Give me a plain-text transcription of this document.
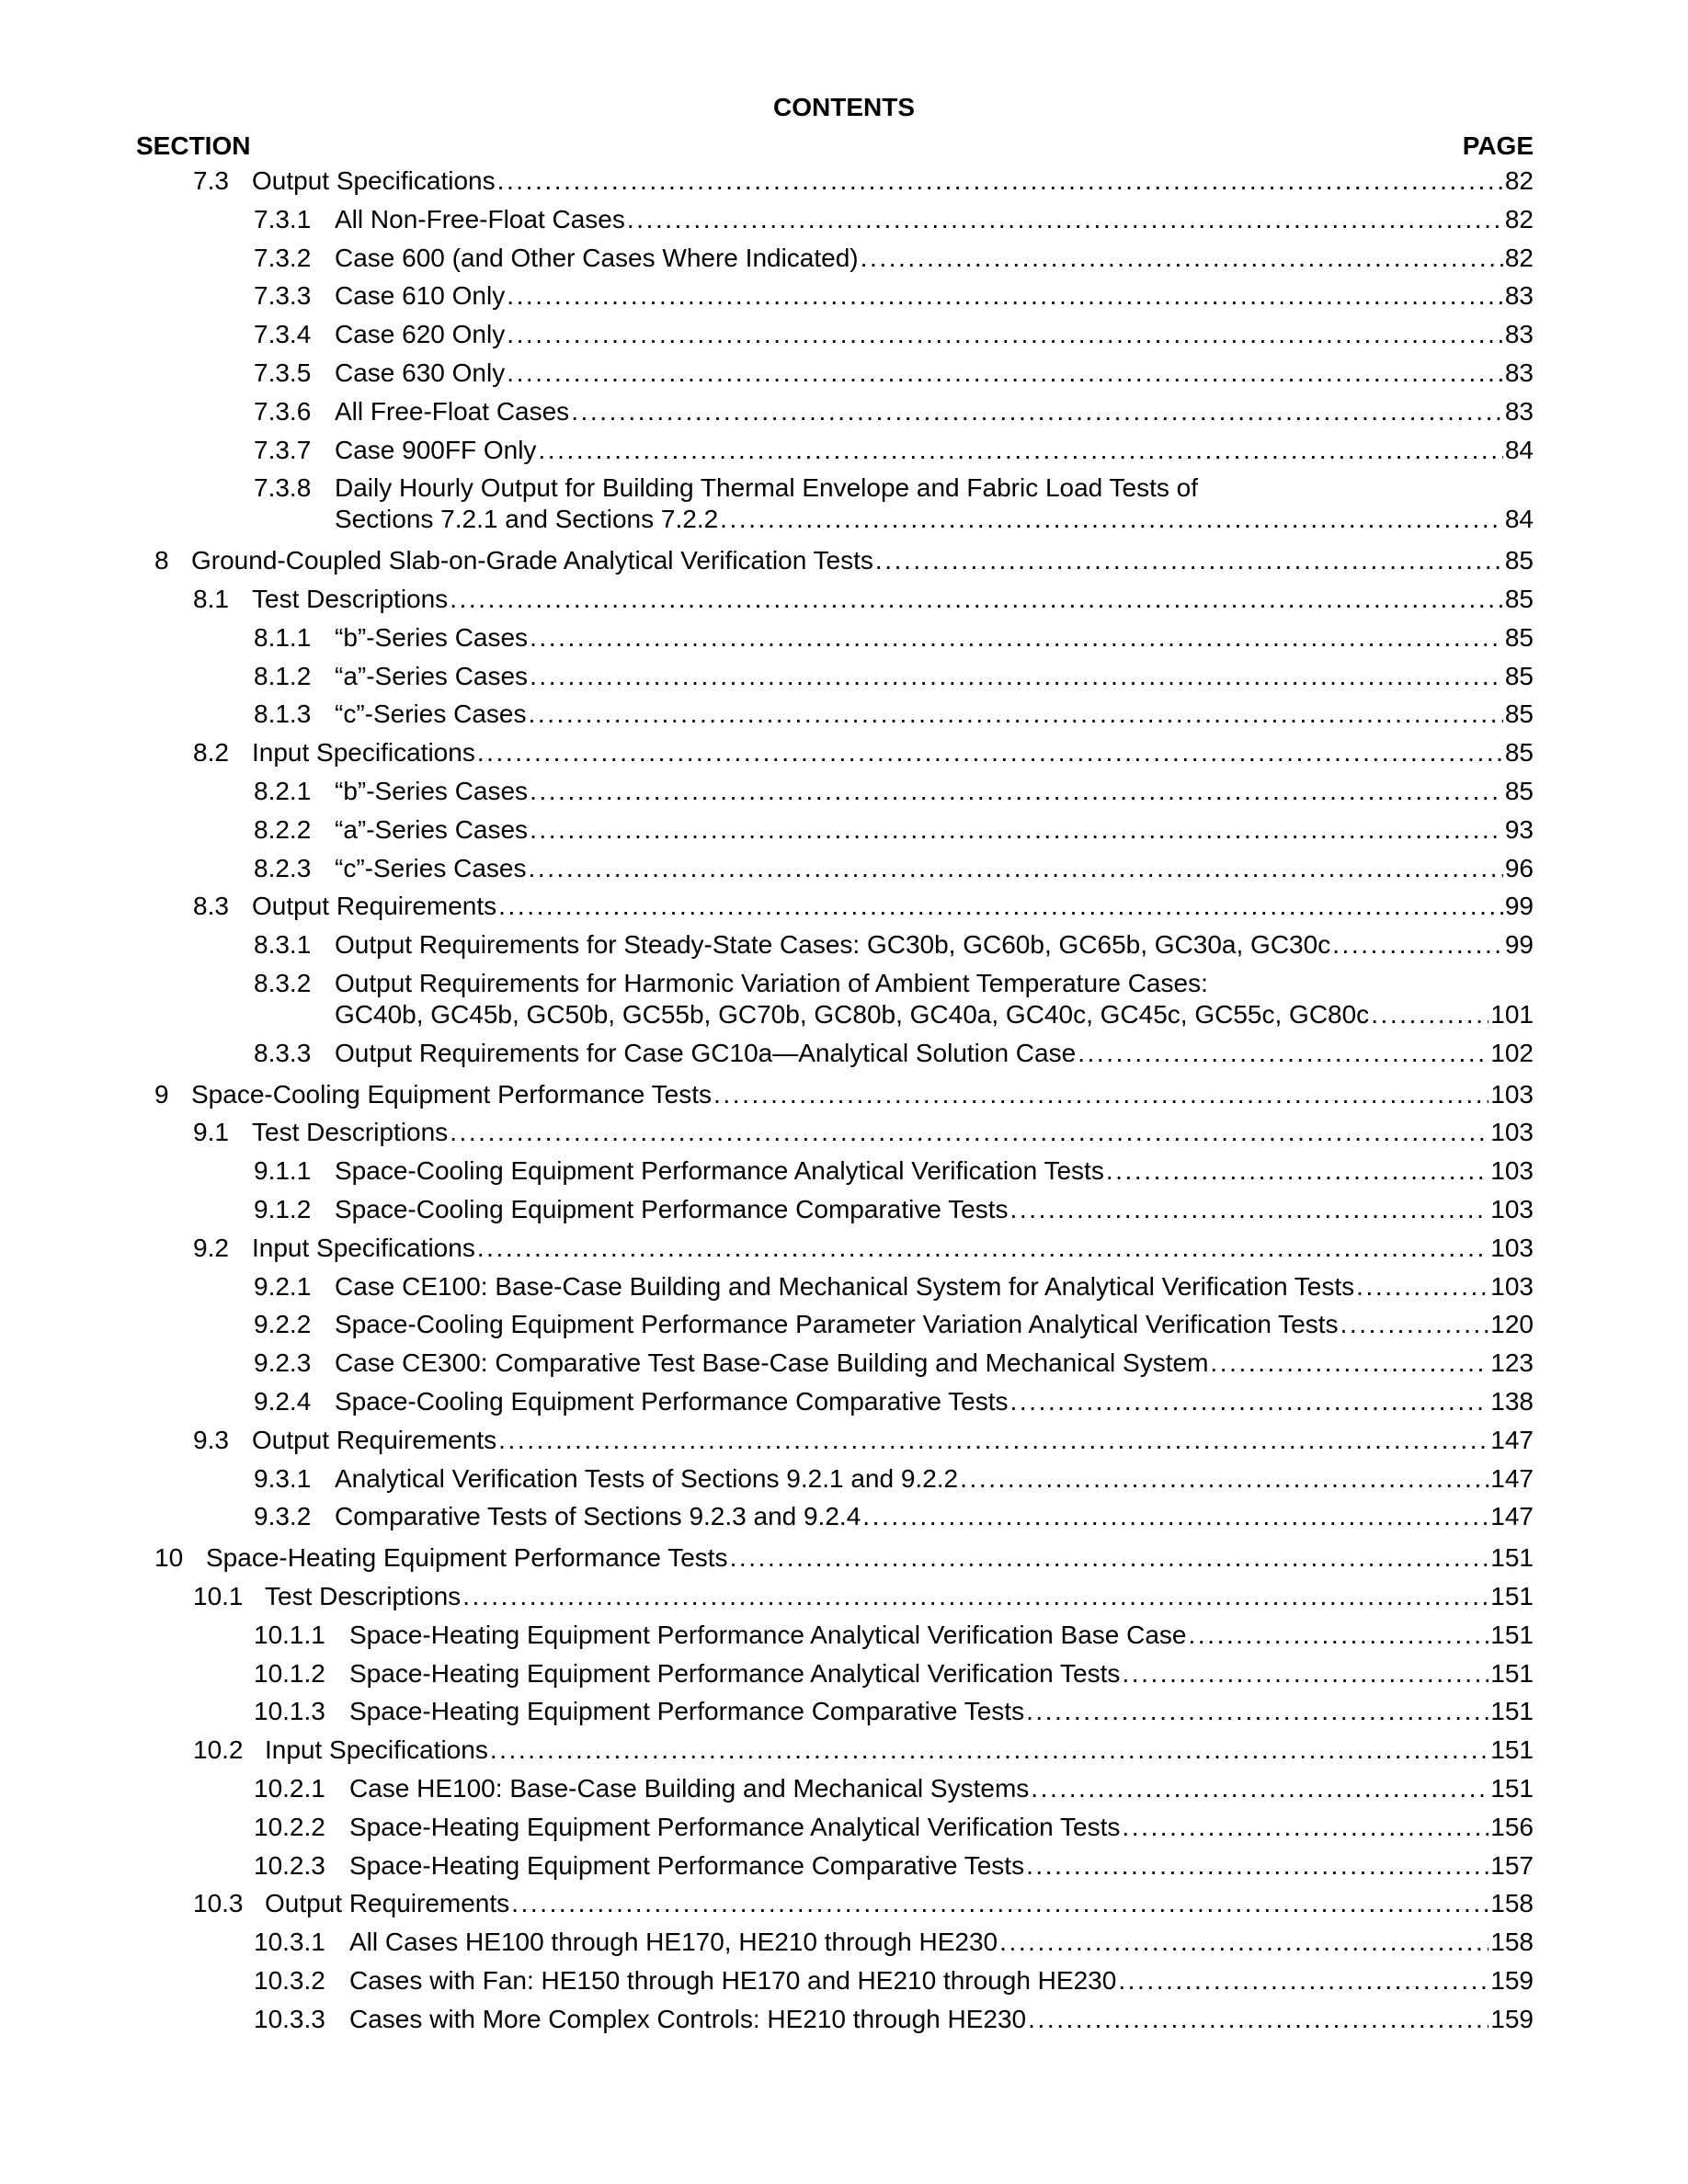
CONTENTS
SECTION	PAGE
7.3 Output Specifications . . .	82
7.3.1 All Non-Free-Float Cases . . .	82
7.3.2 Case 600 (and Other Cases Where Indicated) . . .	82
7.3.3 Case 610 Only . . .	83
7.3.4 Case 620 Only . . .	83
7.3.5 Case 630 Only . . .	83
7.3.6 All Free-Float Cases . . .	83
7.3.7 Case 900FF Only . . .	84
7.3.8 Daily Hourly Output for Building Thermal Envelope and Fabric Load Tests of
Sections 7.2.1 and Sections 7.2.2 . . .	84
8 Ground-Coupled Slab-on-Grade Analytical Verification Tests . . .	85
8.1 Test Descriptions . . .	85
8.1.1 “b”-Series Cases . . .	85
8.1.2 “a”-Series Cases . . .	85
8.1.3 “c”-Series Cases . . .	85
8.2 Input Specifications . . .	85
8.2.1 “b”-Series Cases . . .	85
8.2.2 “a”-Series Cases . . .	93
8.2.3 “c”-Series Cases . . .	96
8.3 Output Requirements . . .	99
8.3.1 Output Requirements for Steady-State Cases: GC30b, GC60b, GC65b, GC30a, GC30c . . .	99
8.3.2 Output Requirements for Harmonic Variation of Ambient Temperature Cases:
GC40b, GC45b, GC50b, GC55b, GC70b, GC80b, GC40a, GC40c, GC45c, GC55c, GC80c . . .	101
8.3.3 Output Requirements for Case GC10a—Analytical Solution Case . . .	102
9 Space-Cooling Equipment Performance Tests . . .	103
9.1 Test Descriptions . . .	103
9.1.1 Space-Cooling Equipment Performance Analytical Verification Tests . . .	103
9.1.2 Space-Cooling Equipment Performance Comparative Tests . . .	103
9.2 Input Specifications . . .	103
9.2.1 Case CE100: Base-Case Building and Mechanical System for Analytical Verification Tests . . .	103
9.2.2 Space-Cooling Equipment Performance Parameter Variation Analytical Verification Tests . . .	120
9.2.3 Case CE300: Comparative Test Base-Case Building and Mechanical System . . .	123
9.2.4 Space-Cooling Equipment Performance Comparative Tests . . .	138
9.3 Output Requirements . . .	147
9.3.1 Analytical Verification Tests of Sections 9.2.1 and 9.2.2 . . .	147
9.3.2 Comparative Tests of Sections 9.2.3 and 9.2.4 . . .	147
10 Space-Heating Equipment Performance Tests . . .	151
10.1 Test Descriptions . . .	151
10.1.1 Space-Heating Equipment Performance Analytical Verification Base Case . . .	151
10.1.2 Space-Heating Equipment Performance Analytical Verification Tests . . .	151
10.1.3 Space-Heating Equipment Performance Comparative Tests . . .	151
10.2 Input Specifications . . .	151
10.2.1 Case HE100: Base-Case Building and Mechanical Systems . . .	151
10.2.2 Space-Heating Equipment Performance Analytical Verification Tests . . .	156
10.2.3 Space-Heating Equipment Performance Comparative Tests . . .	157
10.3 Output Requirements . . .	158
10.3.1 All Cases HE100 through HE170, HE210 through HE230 . . .	158
10.3.2 Cases with Fan: HE150 through HE170 and HE210 through HE230 . . .	159
10.3.3 Cases with More Complex Controls: HE210 through HE230 . . .	159
